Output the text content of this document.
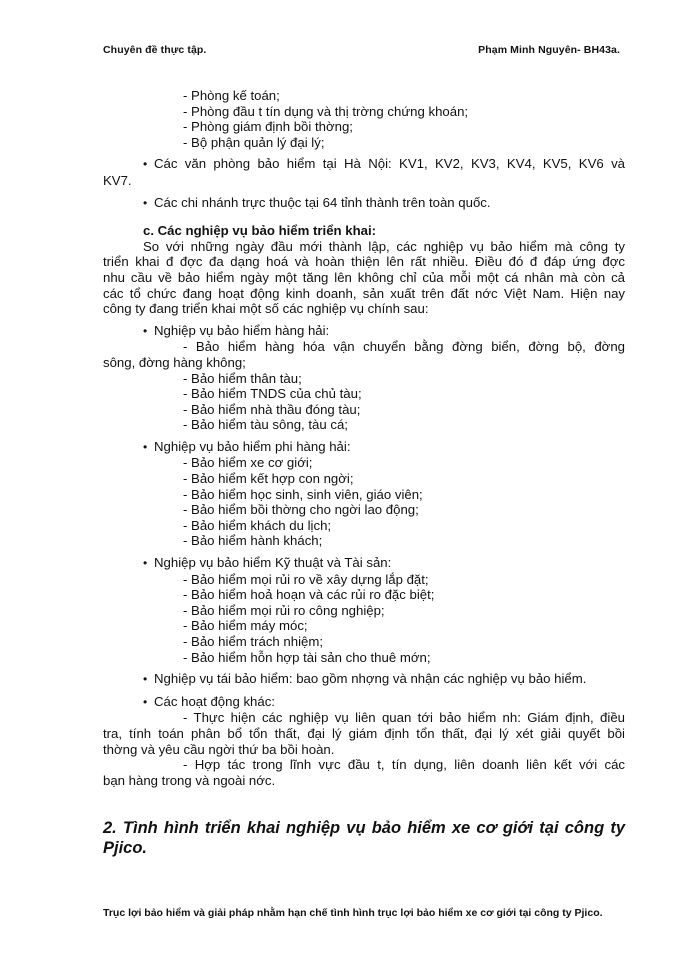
Chuyên đề thực tập.	Phạm Minh Nguyên- BH43a.
- Phòng kế toán;
- Phòng đầu t tín dụng và thị trờng chứng khoán;
- Phòng giám định bồi thờng;
- Bộ phận quản lý đại lý;
• Các văn phòng bảo hiểm tại Hà Nội: KV1, KV2, KV3, KV4, KV5, KV6 và
KV7.
• Các chi nhánh trực thuộc tại 64 tỉnh thành trên toàn quốc.
c. Các nghiệp vụ bảo hiểm triển khai:
So với những ngày đầu mới thành lập, các nghiệp vụ bảo hiểm mà công ty
triển khai đ đợc đa dạng hoá và hoàn thiện lên rất nhiều. Điều đó đ đáp ứng đợc
nhu cầu về bảo hiểm ngày một tăng lên không chỉ của mỗi một cá nhân mà còn cả
các tổ chức đang hoạt động kinh doanh, sản xuất trên đất nớc Việt Nam. Hiện nay
công ty đang triển khai một số các nghiệp vụ chính sau:
• Nghiệp vụ bảo hiểm hàng hải:
- Bảo hiểm hàng hóa vận chuyển bằng đờng biển, đờng bộ, đờng
sông, đờng hàng không;
- Bảo hiểm thân tàu;
- Bảo hiểm TNDS của chủ tàu;
- Bảo hiểm nhà thầu đóng tàu;
- Bảo hiểm tàu sông, tàu cá;
• Nghiệp vụ bảo hiểm phi hàng hải:
- Bảo hiểm xe cơ giới;
- Bảo hiểm kết hợp con ngời;
- Bảo hiểm học sinh, sinh viên, giáo viên;
- Bảo hiểm bồi thờng cho ngời lao động;
- Bảo hiểm khách du lịch;
- Bảo hiểm hành khách;
• Nghiệp vụ bảo hiểm Kỹ thuật và Tài sản:
- Bảo hiểm mọi rủi ro về xây dựng lắp đặt;
- Bảo hiểm hoả hoạn và các rủi ro đặc biệt;
- Bảo hiểm mọi rủi ro công nghiệp;
- Bảo hiểm máy móc;
- Bảo hiểm trách nhiệm;
- Bảo hiểm hỗn hợp tài sản cho thuê mớn;
• Nghiệp vụ tái bảo hiểm: bao gồm nhợng và nhận các nghiệp vụ bảo hiểm.
• Các hoạt động khác:
- Thực hiện các nghiệp vụ liên quan tới bảo hiểm nh: Giám định, điều
tra, tính toán phân bổ tổn thất, đại lý giám định tổn thất, đại lý xét giải quyết bồi
thờng và yêu cầu ngời thứ ba bồi hoàn.
- Hợp tác trong lĩnh vực đầu t, tín dụng, liên doanh liên kết với các
bạn hàng trong và ngoài nớc.
2. Tình hình triển khai nghiệp vụ bảo hiểm xe cơ giới tại công ty Pjico.
Trục lợi bảo hiểm và giải pháp nhằm hạn chế tình hình trục lợi bảo hiểm xe cơ giới tại công ty Pjico.
